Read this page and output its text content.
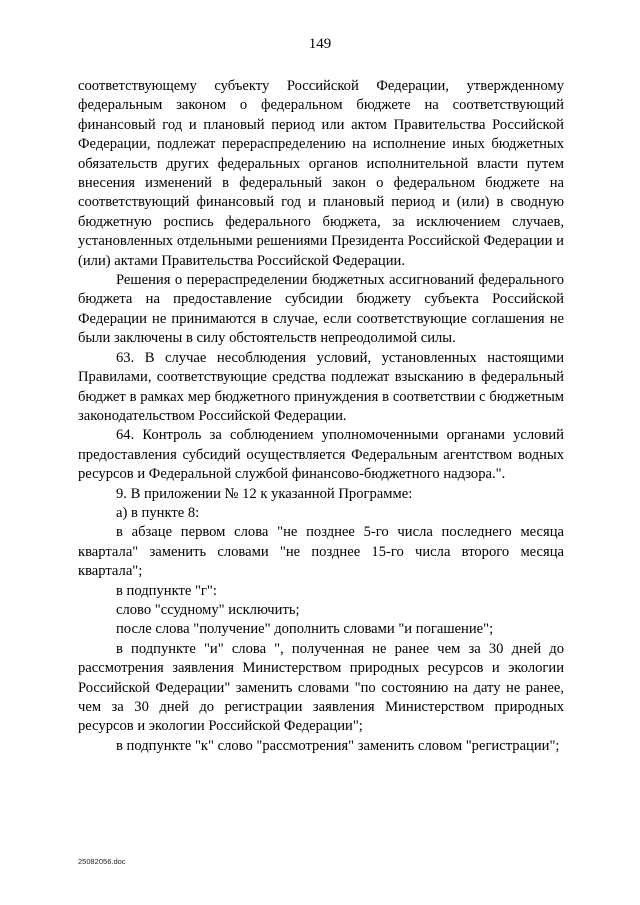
149

соответствующему субъекту Российской Федерации, утвержденному федеральным законом о федеральном бюджете на соответствующий финансовый год и плановый период или актом Правительства Российской Федерации, подлежат перераспределению на исполнение иных бюджетных обязательств других федеральных органов исполнительной власти путем внесения изменений в федеральный закон о федеральном бюджете на соответствующий финансовый год и плановый период и (или) в сводную бюджетную роспись федерального бюджета, за исключением случаев, установленных отдельными решениями Президента Российской Федерации и (или) актами Правительства Российской Федерации.

Решения о перераспределении бюджетных ассигнований федерального бюджета на предоставление субсидии бюджету субъекта Российской Федерации не принимаются в случае, если соответствующие соглашения не были заключены в силу обстоятельств непреодолимой силы.

63. В случае несоблюдения условий, установленных настоящими Правилами, соответствующие средства подлежат взысканию в федеральный бюджет в рамках мер бюджетного принуждения в соответствии с бюджетным законодательством Российской Федерации.

64. Контроль за соблюдением уполномоченными органами условий предоставления субсидий осуществляется Федеральным агентством водных ресурсов и Федеральной службой финансово-бюджетного надзора.".

9. В приложении № 12 к указанной Программе:

а) в пункте 8:

в абзаце первом слова "не позднее 5-го числа последнего месяца квартала" заменить словами "не позднее 15-го числа второго месяца квартала";

в подпункте "г":

слово "ссудному" исключить;

после слова "получение" дополнить словами "и погашение";

в подпункте "и" слова ", полученная не ранее чем за 30 дней до рассмотрения заявления Министерством природных ресурсов и экологии Российской Федерации" заменить словами "по состоянию на дату не ранее, чем за 30 дней до регистрации заявления Министерством природных ресурсов и экологии Российской Федерации";

в подпункте "к" слово "рассмотрения" заменить словом "регистрации";

25082056.doc
· · · · ·
